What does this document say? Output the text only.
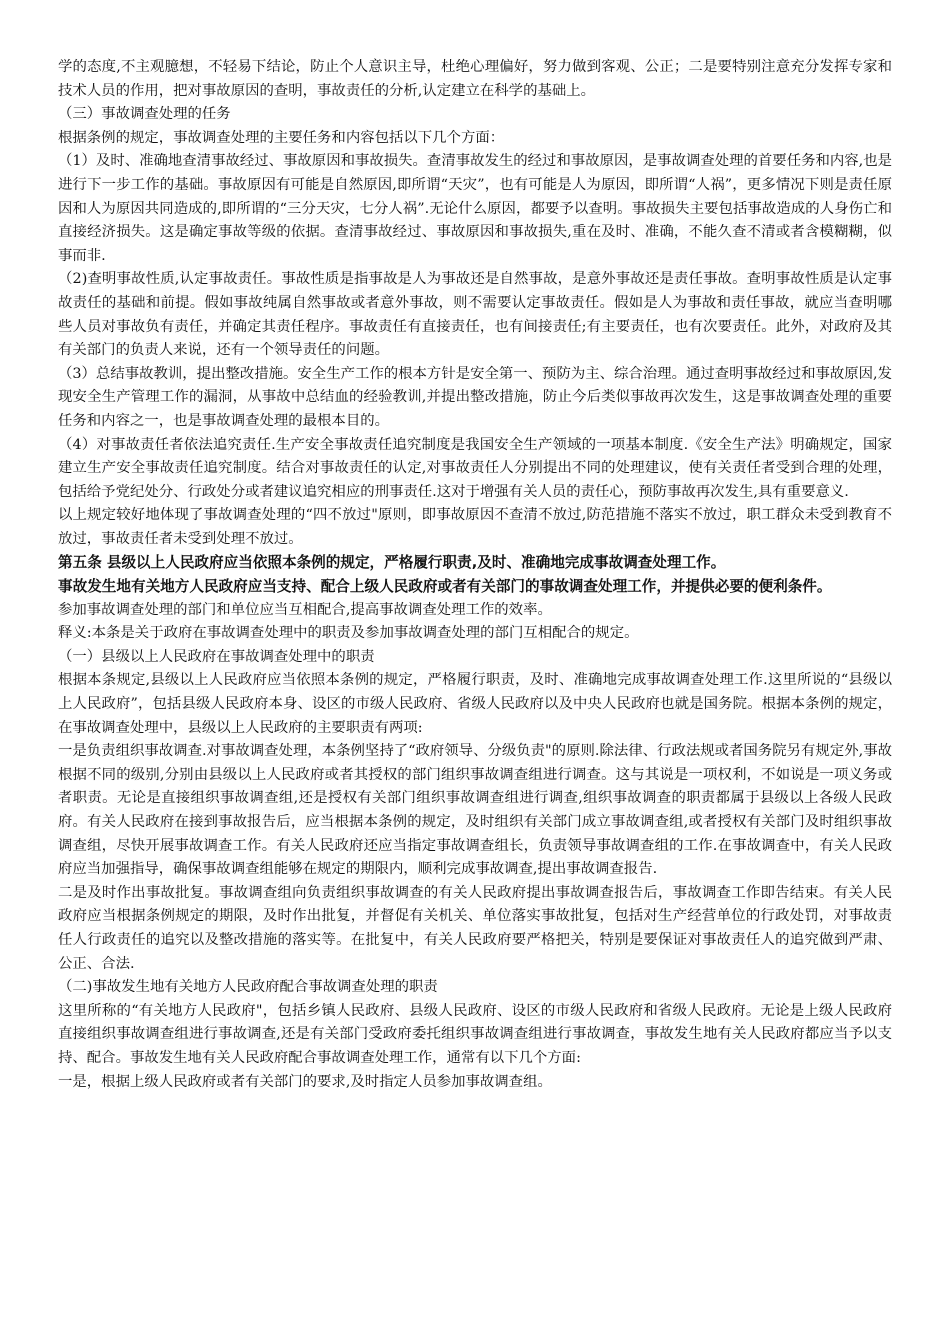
学的态度,不主观臆想，不轻易下结论，防止个人意识主导，杜绝心理偏好，努力做到客观、公正；二是要特别注意充分发挥专家和技术人员的作用，把对事故原因的查明，事故责任的分析,认定建立在科学的基础上。

（三）事故调查处理的任务

根据条例的规定，事故调查处理的主要任务和内容包括以下几个方面：

（1）及时、准确地查清事故经过、事故原因和事故损失。查清事故发生的经过和事故原因，是事故调查处理的首要任务和内容,也是进行下一步工作的基础。事故原因有可能是自然原因,即所谓“天灾”，也有可能是人为原因，即所谓“人祸”，更多情况下则是责任原因和人为原因共同造成的,即所谓的“三分天灾，七分人祸”.无论什么原因，都要予以查明。事故损失主要包括事故造成的人身伤亡和直接经济损失。这是确定事故等级的依据。查清事故经过、事故原因和事故损失,重在及时、准确，不能久查不清或者含模糊糊，似事而非.

（2)查明事故性质,认定事故责任。事故性质是指事故是人为事故还是自然事故，是意外事故还是责任事故。查明事故性质是认定事故责任的基础和前提。假如事故纯属自然事故或者意外事故，则不需要认定事故责任。假如是人为事故和责任事故，就应当查明哪些人员对事故负有责任，并确定其责任程序。事故责任有直接责任，也有间接责任;有主要责任，也有次要责任。此外，对政府及其有关部门的负责人来说，还有一个领导责任的问题。

（3）总结事故教训，提出整改措施。安全生产工作的根本方针是安全第一、预防为主、综合治理。通过查明事故经过和事故原因,发现安全生产管理工作的漏洞，从事故中总结血的经验教训,并提出整改措施，防止今后类似事故再次发生，这是事故调查处理的重要任务和内容之一，也是事故调查处理的最根本目的。

（4）对事故责任者依法追究责任.生产安全事故责任追究制度是我国安全生产领域的一项基本制度.《安全生产法》明确规定，国家建立生产安全事故责任追究制度。结合对事故责任的认定,对事故责任人分别提出不同的处理建议，使有关责任者受到合理的处理，包括给予党纪处分、行政处分或者建议追究相应的刑事责任.这对于增强有关人员的责任心，预防事故再次发生,具有重要意义.

以上规定较好地体现了事故调查处理的“四不放过"原则，即事故原因不查清不放过,防范措施不落实不放过，职工群众未受到教育不放过，事故责任者未受到处理不放过。

第五条 县级以上人民政府应当依照本条例的规定，严格履行职责,及时、准确地完成事故调查处理工作。

事故发生地有关地方人民政府应当支持、配合上级人民政府或者有关部门的事故调查处理工作，并提供必要的便利条件。

参加事故调查处理的部门和单位应当互相配合,提高事故调查处理工作的效率。

释义:本条是关于政府在事故调查处理中的职责及参加事故调查处理的部门互相配合的规定。

（一）县级以上人民政府在事故调查处理中的职责

根据本条规定,县级以上人民政府应当依照本条例的规定，严格履行职责，及时、准确地完成事故调查处理工作.这里所说的“县级以上人民政府”，包括县级人民政府本身、设区的市级人民政府、省级人民政府以及中央人民政府也就是国务院。根据本条例的规定，在事故调查处理中，县级以上人民政府的主要职责有两项:

一是负责组织事故调查.对事故调查处理，本条例坚持了“政府领导、分级负责"的原则.除法律、行政法规或者国务院另有规定外,事故根据不同的级别,分别由县级以上人民政府或者其授权的部门组织事故调查组进行调查。这与其说是一项权利，不如说是一项义务或者职责。无论是直接组织事故调查组,还是授权有关部门组织事故调查组进行调查,组织事故调查的职责都属于县级以上各级人民政府。有关人民政府在接到事故报告后，应当根据本条例的规定，及时组织有关部门成立事故调查组,或者授权有关部门及时组织事故调查组，尽快开展事故调查工作。有关人民政府还应当指定事故调查组长，负责领导事故调查组的工作.在事故调查中，有关人民政府应当加强指导，确保事故调查组能够在规定的期限内，顺利完成事故调查,提出事故调查报告.

二是及时作出事故批复。事故调查组向负责组织事故调查的有关人民政府提出事故调查报告后，事故调查工作即告结束。有关人民政府应当根据条例规定的期限，及时作出批复，并督促有关机关、单位落实事故批复，包括对生产经营单位的行政处罚，对事故责任人行政责任的追究以及整改措施的落实等。在批复中，有关人民政府要严格把关，特别是要保证对事故责任人的追究做到严肃、公正、合法.

（二)事故发生地有关地方人民政府配合事故调查处理的职责

这里所称的“有关地方人民政府"，包括乡镇人民政府、县级人民政府、设区的市级人民政府和省级人民政府。无论是上级人民政府直接组织事故调查组进行事故调查,还是有关部门受政府委托组织事故调查组进行事故调查，事故发生地有关人民政府都应当予以支持、配合。事故发生地有关人民政府配合事故调查处理工作，通常有以下几个方面:

一是，根据上级人民政府或者有关部门的要求,及时指定人员参加事故调查组。
